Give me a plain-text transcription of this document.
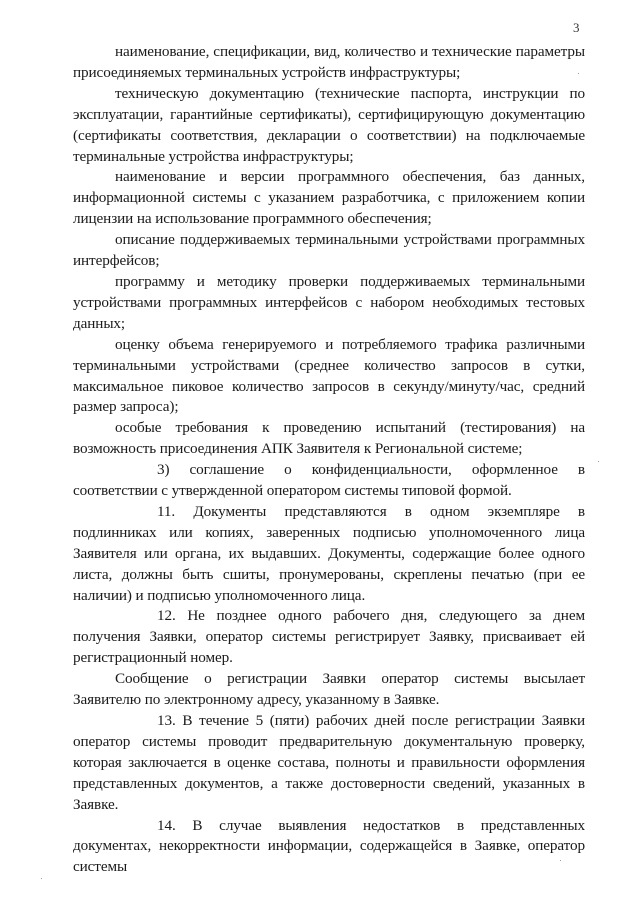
3

наименование, спецификации, вид, количество и технические параметры присоединяемых терминальных устройств инфраструктуры;

техническую документацию (технические паспорта, инструкции по эксплуатации, гарантийные сертификаты), сертифицирующую документацию (сертификаты соответствия, декларации о соответствии) на подключаемые терминальные устройства инфраструктуры;

наименование и версии программного обеспечения, баз данных, информационной системы с указанием разработчика, с приложением копии лицензии на использование программного обеспечения;

описание поддерживаемых терминальными устройствами программных интерфейсов;

программу и методику проверки поддерживаемых терминальными устройствами программных интерфейсов с набором необходимых тестовых данных;

оценку объема генерируемого и потребляемого трафика различными терминальными устройствами (среднее количество запросов в сутки, максимальное пиковое количество запросов в секунду/минуту/час, средний размер запроса);

особые требования к проведению испытаний (тестирования) на возможность присоединения АПК Заявителя к Региональной системе;

3) соглашение о конфиденциальности, оформленное в соответствии с утвержденной оператором системы типовой формой.

11. Документы представляются в одном экземпляре в подлинниках или копиях, заверенных подписью уполномоченного лица Заявителя или органа, их выдавших. Документы, содержащие более одного листа, должны быть сшиты, пронумерованы, скреплены печатью (при ее наличии) и подписью уполномоченного лица.

12. Не позднее одного рабочего дня, следующего за днем получения Заявки, оператор системы регистрирует Заявку, присваивает ей регистрационный номер.

Сообщение о регистрации Заявки оператор системы высылает Заявителю по электронному адресу, указанному в Заявке.

13. В течение 5 (пяти) рабочих дней после регистрации Заявки оператор системы проводит предварительную документальную проверку, которая заключается в оценке состава, полноты и правильности оформления представленных документов, а также достоверности сведений, указанных в Заявке.

14. В случае выявления недостатков в представленных документах, некорректности информации, содержащейся в Заявке, оператор системы
